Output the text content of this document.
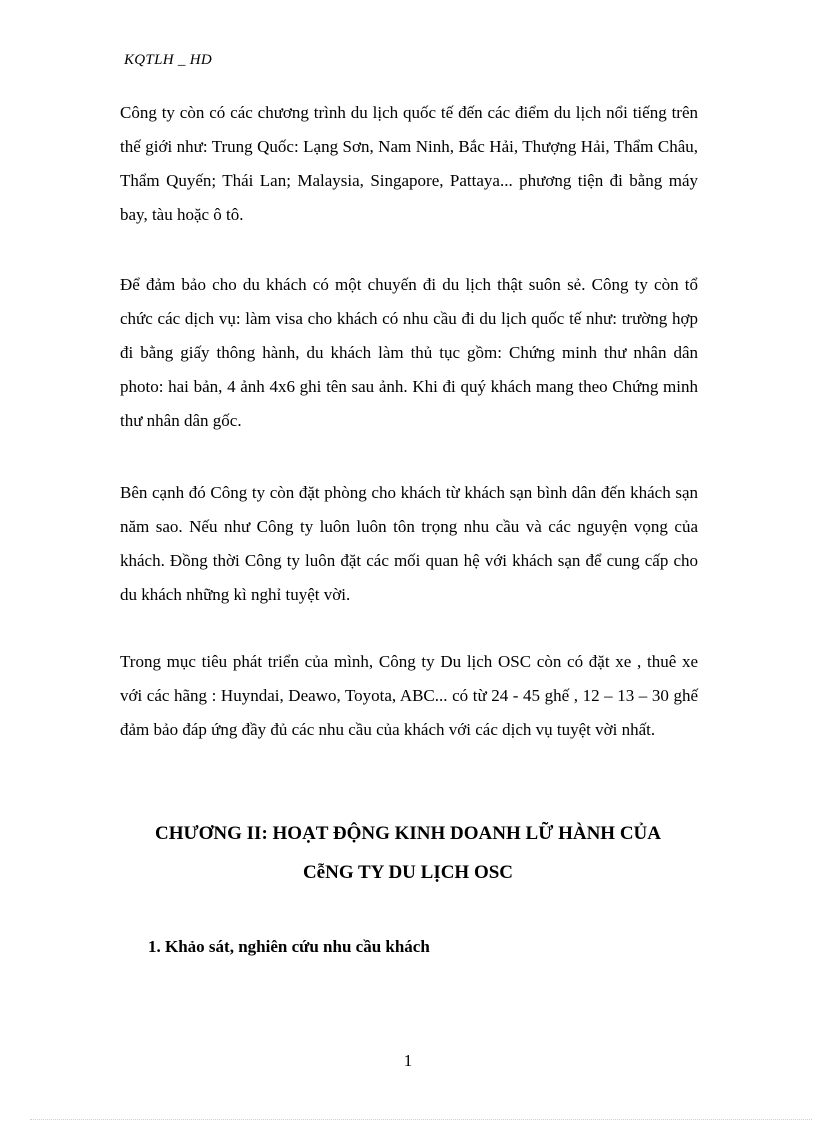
KQTLH _ HD

Công ty còn có các chương trình du lịch quốc tế đến các điểm du lịch nổi tiếng trên thế giới như: Trung Quốc: Lạng Sơn, Nam Ninh, Bắc Hải, Thượng Hải, Thẩm Châu, Thẩm Quyến; Thái Lan; Malaysia, Singapore, Pattaya... phương tiện đi bằng máy bay, tàu hoặc ô tô.

Để đảm bảo cho du khách có một chuyến đi du lịch thật suôn sẻ. Công ty còn tổ chức các dịch vụ: làm visa cho khách có nhu cầu đi du lịch quốc tế như: trường hợp đi bằng giấy thông hành, du khách làm thủ tục gồm: Chứng minh thư nhân dân photo: hai bản, 4 ảnh 4x6 ghi tên sau ảnh. Khi đi quý khách mang theo Chứng minh thư nhân dân gốc.

Bên cạnh đó Công ty còn đặt phòng cho khách từ khách sạn bình dân đến khách sạn năm sao. Nếu như Công ty luôn luôn tôn trọng nhu cầu và các nguyện vọng của khách. Đồng thời Công ty luôn đặt các mối quan hệ với khách sạn để cung cấp cho du khách những kì nghỉ tuyệt vời.

Trong mục tiêu phát triển của mình, Công ty Du lịch OSC còn có đặt xe , thuê xe với các hãng : Huyndai, Deawo, Toyota, ABC... có từ 24 - 45 ghế , 12 – 13 – 30 ghế đảm bảo đáp ứng đầy đủ các nhu cầu của khách với các dịch vụ tuyệt vời nhất.

CHƯƠNG II: HOẠT ĐỘNG KINH DOANH LỮ HÀNH CỦA
CễNG TY DU LỊCH OSC
1. Khảo sát, nghiên cứu nhu cầu khách
1
